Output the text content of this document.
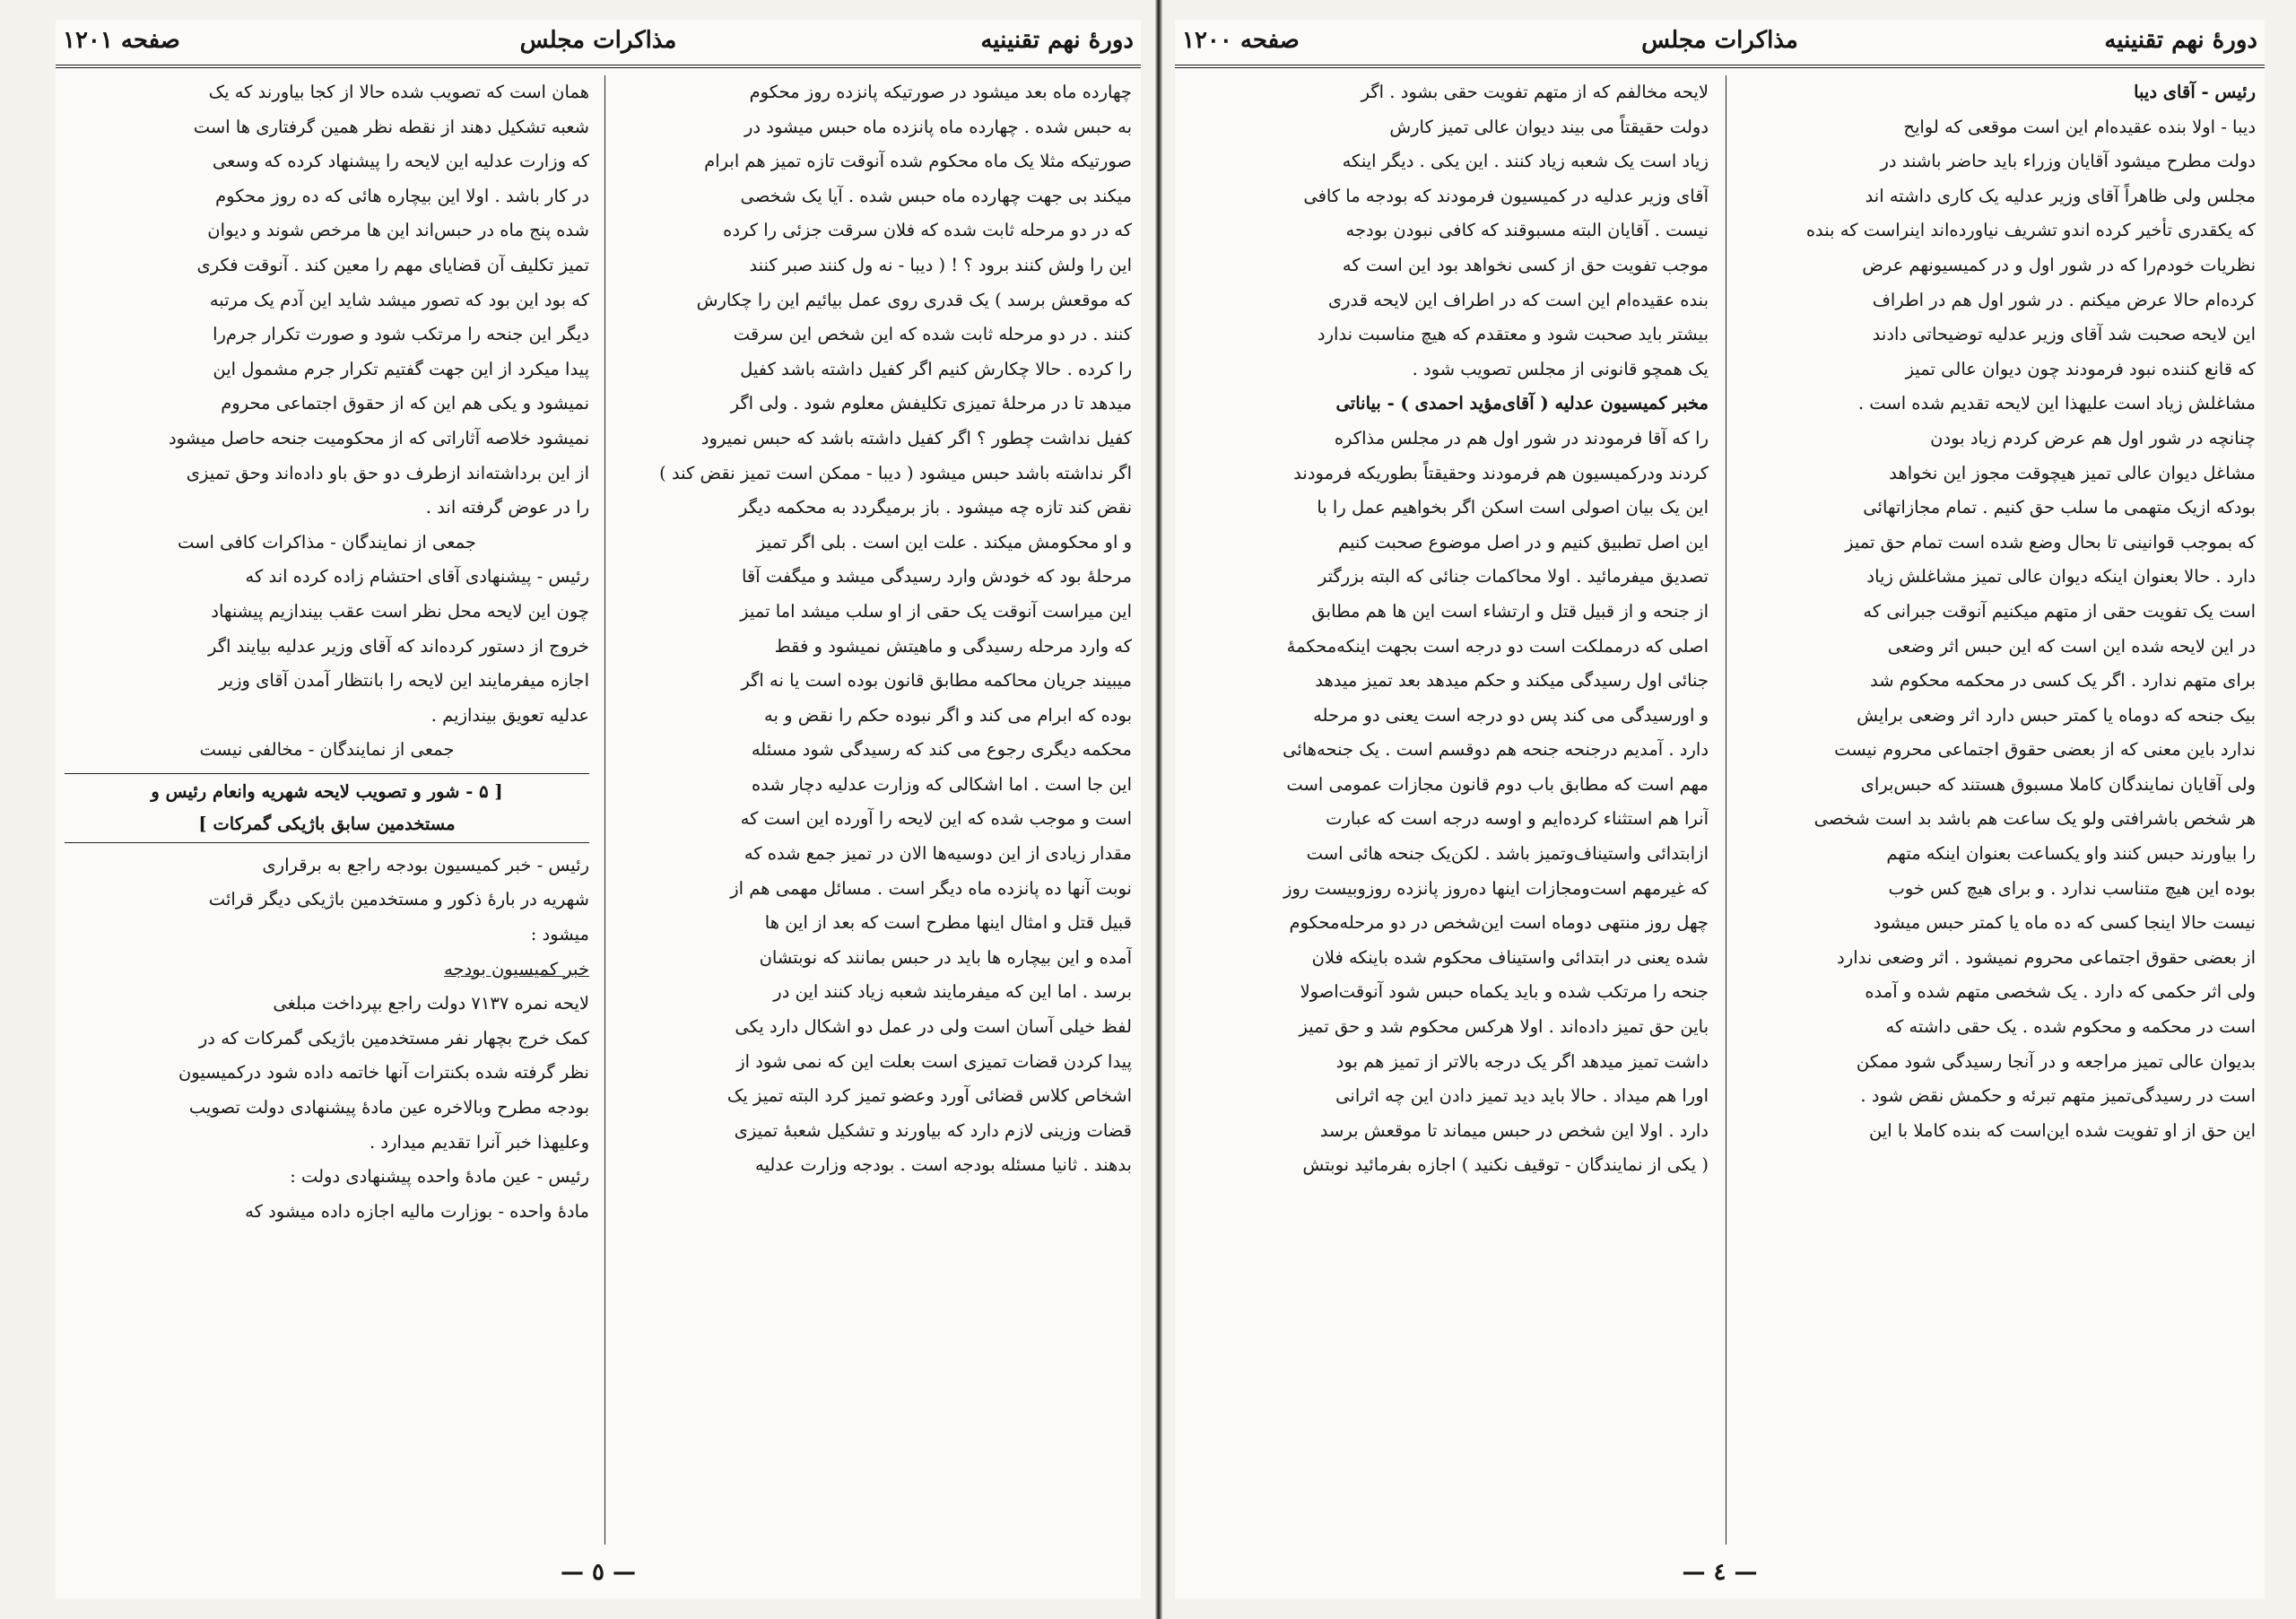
دورهٔ نهم تقنینیه
مذاکرات مجلس
صفحه ۱۲۰۱

چهارده ماه بعد میشود در صورتیکه پانزده روز محکوم

به حبس شده . چهارده ماه پانزده ماه حبس میشود در

صورتیکه مثلا یک ماه محکوم شده آنوقت تازه تمیز هم ابرام

میکند بی جهت چهارده ماه حبس شده . آیا یک شخصی

که در دو مرحله ثابت شده که فلان سرقت جزئی را کرده

این را ولش کنند برود ؟ ! ( دیبا - نه ول کنند صبر کنند

که موقعش برسد ) یک قدری روی عمل بیائیم این را چکارش

کنند . در دو مرحله ثابت شده که این شخص این سرقت

را کرده . حالا چکارش کنیم اگر کفیل داشته باشد کفیل

میدهد تا در مرحلهٔ تمیزی تکلیفش معلوم شود . ولی اگر

کفیل نداشت چطور ؟ اگر کفیل داشته باشد که حبس نمیرود

اگر نداشته باشد حبس میشود ( دیبا - ممکن است تمیز نقض کند )

نقض کند تازه چه میشود . باز برمیگردد به محکمه دیگر

و او محکومش میکند . علت این است . بلی اگر تمیز

مرحلهٔ بود که خودش وارد رسیدگی میشد و میگفت آقا

این میراست آنوقت یک حقی از او سلب میشد اما تمیز

که وارد مرحله رسیدگی و ماهیتش نمیشود و فقط

میبیند جریان محاکمه مطابق قانون بوده است یا نه اگر

بوده که ابرام می کند و اگر نبوده حکم را نقض و به

محکمه دیگری رجوع می کند که رسیدگی شود مسئله

این جا است . اما اشکالی که وزارت عدلیه دچار شده

است و موجب شده که این لایحه را آورده این است که

مقدار زیادی از این دوسیه‌ها الان در تمیز جمع شده که

نوبت آنها ده پانزده ماه دیگر است . مسائل مهمی هم از

قبیل قتل و امثال اینها مطرح است که بعد از این ها

آمده و این بیچاره ها باید در حبس بمانند که نوبتشان

برسد . اما این که میفرمایند شعبه زیاد کنند این در

لفظ خیلی آسان است ولی در عمل دو اشکال دارد یکی

پیدا کردن قضات تمیزی است بعلت این که نمی شود از

اشخاص کلاس قضائی آورد وعضو تمیز کرد البته تمیز یک

قضات وزینی لازم دارد که بیاورند و تشکیل شعبهٔ تمیزی

بدهند . ثانیا مسئله بودجه است . بودجه وزارت عدلیه

همان است که تصویب شده حالا از کجا بیاورند که یک

شعبه تشکیل دهند از نقطه نظر همین گرفتاری ها است

که وزارت عدلیه این لایحه را پیشنهاد کرده که وسعی

در کار باشد . اولا این بیچاره هائی که ده روز محکوم

شده پنج ماه در حبس‌اند این ها مرخص شوند و دیوان

تمیز تکلیف آن قضایای مهم را معین کند . آنوقت فکری

که بود این بود که تصور میشد شاید این آدم یک مرتبه

دیگر این جنحه را مرتکب شود و صورت تکرار جرم‌را

پیدا میکرد از این جهت گفتیم تکرار جرم مشمول این

نمیشود و یکی هم این که از حقوق اجتماعی محروم

نمیشود خلاصه آثاراتی که از محکومیت جنحه حاصل میشود

از این برداشته‌اند ازطرف دو حق باو داده‌اند وحق تمیزی

را در عوض گرفته اند .

جمعی از نمایندگان - مذاکرات کافی است

رئیس - پیشنهادی آقای احتشام زاده کرده اند که

چون این لایحه محل نظر است عقب بیندازیم پیشنهاد

خروج از دستور کرده‌اند که آقای وزیر عدلیه بیایند اگر

اجازه میفرمایند این لایحه را بانتظار آمدن آقای وزیر

عدلیه تعویق بیندازیم .

جمعی از نمایندگان - مخالفی نیست

[ ۵ - شور و تصویب لایحه شهریه وانعام رئیس و
مستخدمین سابق باژیکی گمرکات ]

رئیس - خبر کمیسیون بودجه راجع به برقراری

شهریه در بارهٔ ذکور و مستخدمین باژیکی دیگر قرائت

میشود :

خبر کمیسیون بودجه

لایحه نمره ۷۱۳۷ دولت راجع بپرداخت مبلغی

کمک خرج بچهار نفر مستخدمین باژیکی گمرکات که در

نظر گرفته شده بکنترات آنها خاتمه داده شود درکمیسیون

بودجه مطرح وبالاخره عین مادهٔ پیشنهادی دولت تصویب

وعلیهذا خبر آنرا تقدیم میدارد .

رئیس - عین مادهٔ واحده پیشنهادی دولت :

مادهٔ واحده - بوزارت مالیه اجازه داده میشود که

— ٥ —
دورهٔ نهم تقنینیه
مذاکرات مجلس
صفحه ۱۲۰۰

رئیس - آقای دیبا

دیبا - اولا بنده عقیده‌ام این است موقعی که لوایح

دولت مطرح میشود آقایان وزراء باید حاضر باشند در

مجلس ولی ظاهراً آقای وزیر عدلیه یک کاری داشته اند

که یکقدری تأخیر کرده اندو تشریف نیاورده‌اند اینراست که بنده

نظریات خودم‌را که در شور اول و در کمیسیونهم عرض

کرده‌ام حالا عرض میکنم . در شور اول هم در اطراف

این لایحه صحبت شد آقای وزیر عدلیه توضیحاتی دادند

که قانع کننده نبود فرمودند چون دیوان عالی تمیز

مشاغلش زیاد است علیهذا این لایحه تقدیم شده است .

چنانچه در شور اول هم عرض کردم زیاد بودن

مشاغل دیوان عالی تمیز هیچوقت مجوز این نخواهد

بودکه ازیک متهمی ما سلب حق کنیم . تمام مجازاتهائی

که بموجب قوانینی تا بحال وضع شده است تمام حق تمیز

دارد . حالا بعنوان اینکه دیوان عالی تمیز مشاغلش زیاد

است یک تفویت حقی از متهم میکنیم آنوقت جبرانی که

در این لایحه شده این است که این حبس اثر وضعی

برای متهم ندارد . اگر یک کسی در محکمه محکوم شد

بیک جنحه که دوماه یا کمتر حبس دارد اثر وضعی برایش

ندارد باین معنی که از بعضی حقوق اجتماعی محروم نیست

ولی آقایان نمایندگان کاملا مسبوق هستند که حبس‌برای

هر شخص باشرافتی ولو یک ساعت هم باشد بد است شخصی

را بیاورند حبس کنند واو یکساعت بعنوان اینکه متهم

بوده این هیچ متناسب ندارد . و برای هیچ کس خوب

نیست حالا اینجا کسی که ده ماه یا کمتر حبس میشود

از بعضی حقوق اجتماعی محروم نمیشود . اثر وضعی ندارد

ولی اثر حکمی که دارد . یک شخصی متهم شده و آمده

است در محکمه و محکوم شده . یک حقی داشته که

بدیوان عالی تمیز مراجعه و در آنجا رسیدگی شود ممکن

است در رسیدگی‌تمیز متهم تبرئه و حکمش نقض شود .

این حق از او تفویت شده این‌است که بنده کاملا با این

لایحه مخالفم که از متهم تفویت حقی بشود . اگر

دولت حقیقتاً می بیند دیوان عالی تمیز کارش

زیاد است یک شعبه زیاد کنند . این یکی . دیگر اینکه

آقای وزیر عدلیه در کمیسیون فرمودند که بودجه ما کافی

نیست . آقایان البته مسبوقند که کافی نبودن بودجه

موجب تفویت حق از کسی نخواهد بود این است که

بنده عقیده‌ام این است که در اطراف این لایحه قدری

بیشتر باید صحبت شود و معتقدم که هیچ مناسبت ندارد

یک همچو قانونی از مجلس تصویب شود .

مخبر کمیسیون عدلیه ( آقای‌مؤید احمدی ) - بیاناتی

را که آقا فرمودند در شور اول هم در مجلس مذاکره

کردند ودرکمیسیون هم فرمودند وحقیقتاً بطوریکه فرمودند

این یک بیان اصولی است اسکن اگر بخواهیم عمل را با

این اصل تطبیق کنیم و در اصل موضوع صحبت کنیم

تصدیق میفرمائید . اولا محاکمات جنائی که البته بزرگتر

از جنحه و از قبیل قتل و ارتشاء است این ها هم مطابق

اصلی که درمملکت است دو درجه است بجهت اینکه‌محکمهٔ

جنائی اول رسیدگی میکند و حکم میدهد بعد تمیز میدهد

و اورسیدگی می کند پس دو درجه است یعنی دو مرحله

دارد . آمدیم درجنحه جنحه هم دوقسم است . یک جنحه‌هائی

مهم است که مطابق باب دوم قانون مجازات عمومی است

آنرا هم استثناء کرده‌ایم و اوسه درجه است که عبارت

ازابتدائی واستیناف‌وتمیز باشد . لکن‌یک جنحه هائی است

که غیرمهم است‌ومجازات اینها ده‌روز پانزده روز‌وبیست روز

چهل روز منتهی دوماه است این‌شخص در دو مرحله‌محکوم

شده یعنی در ابتدائی واستیناف محکوم شده باینکه فلان

جنحه را مرتکب شده و باید یکماه حبس شود آنوقت‌اصولا

باین حق تمیز داده‌اند . اولا هرکس محکوم شد و حق تمیز

داشت تمیز میدهد اگر یک درجه بالاتر از تمیز هم بود

اورا هم میداد . حالا باید دید تمیز دادن این چه اثرانی

دارد . اولا این شخص در حبس میماند تا موقعش برسد

( یکی از نمایندگان - توقیف نکنید ) اجازه بفرمائید نوبتش

— ٤ —
